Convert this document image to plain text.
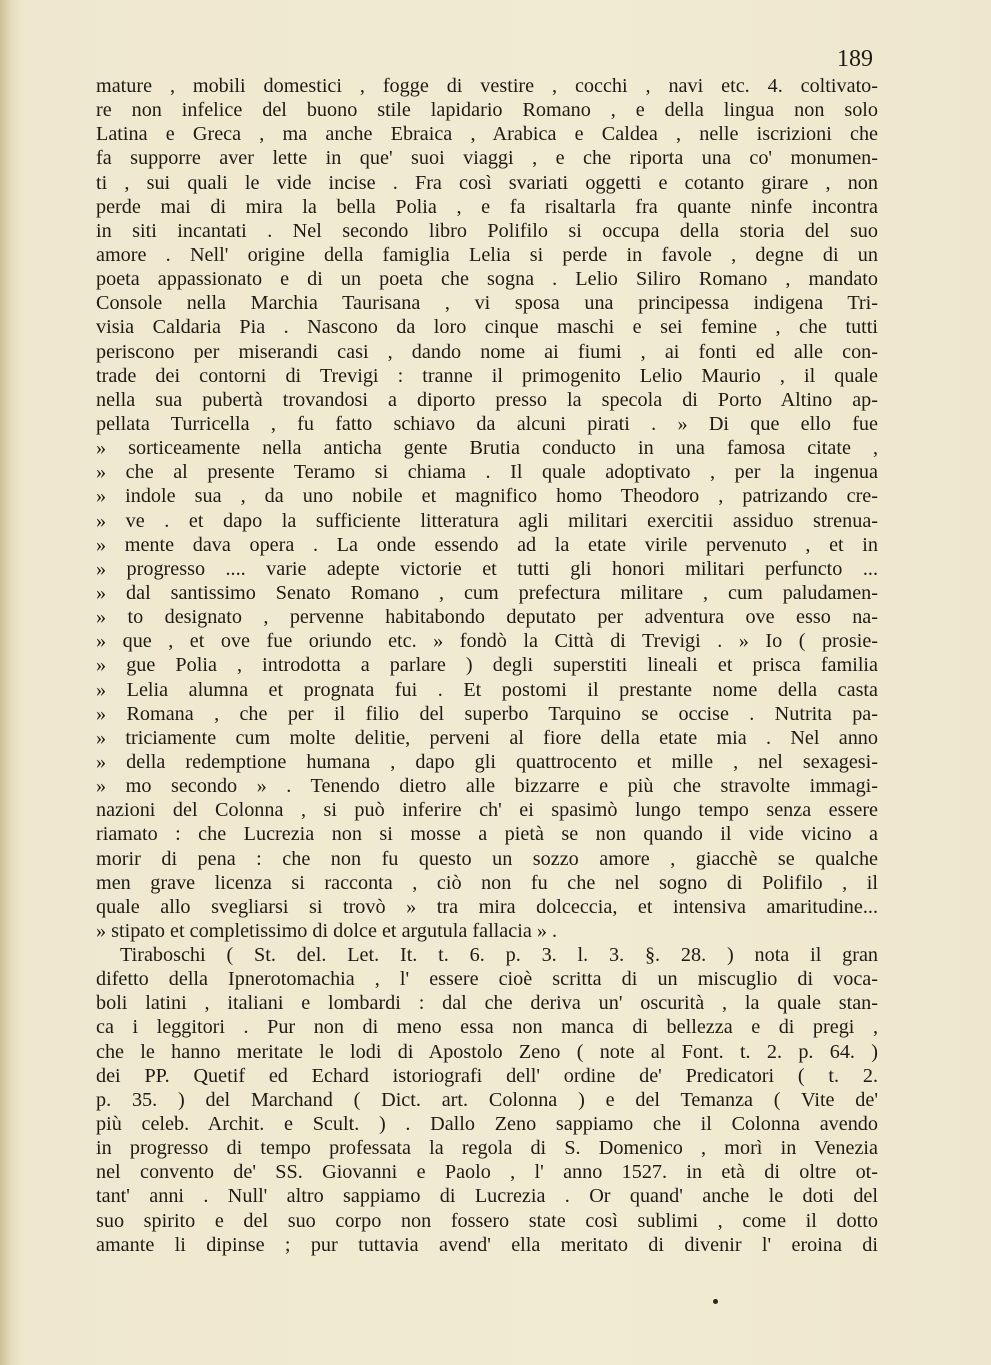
189
mature , mobili domestici , fogge di vestire , cocchi , navi etc. 4. coltivato-
re non infelice del buono stile lapidario Romano , e della lingua non solo
Latina e Greca , ma anche Ebraica , Arabica e Caldea , nelle iscrizioni che
fa supporre aver lette in que' suoi viaggi , e che riporta una co' monumen-
ti , sui quali le vide incise . Fra così svariati oggetti e cotanto girare , non
perde mai di mira la bella Polia , e fa risaltarla fra quante ninfe incontra
in siti incantati . Nel secondo libro Polifilo si occupa della storia del suo
amore . Nell' origine della famiglia Lelia si perde in favole , degne di un
poeta appassionato e di un poeta che sogna . Lelio Siliro Romano , mandato
Console nella Marchia Taurisana , vi sposa una principessa indigena Tri-
visia Caldaria Pia . Nascono da loro cinque maschi e sei femine , che tutti
periscono per miserandi casi , dando nome ai fiumi , ai fonti ed alle con-
trade dei contorni di Trevigi : tranne il primogenito Lelio Maurio , il quale
nella sua pubertà trovandosi a diporto presso la specola di Porto Altino ap-
pellata Turricella , fu fatto schiavo da alcuni pirati . » Di que ello fue
» sorticeamente nella anticha gente Brutia conducto in una famosa citate ,
» che al presente Teramo si chiama . Il quale adoptivato , per la ingenua
» indole sua , da uno nobile et magnifico homo Theodoro , patrizando cre-
» ve . et dapo la sufficiente litteratura agli militari exercitii assiduo strenua-
» mente dava opera . La onde essendo ad la etate virile pervenuto , et in
» progresso .... varie adepte victorie et tutti gli honori militari perfuncto ...
» dal santissimo Senato Romano , cum prefectura militare , cum paludamen-
» to designato , pervenne habitabondo deputato per adventura ove esso na-
» que , et ove fue oriundo etc. » fondò la Città di Trevigi . » Io ( prosie-
» gue Polia , introdotta a parlare ) degli superstiti lineali et prisca familia
» Lelia alumna et prognata fui . Et postomi il prestante nome della casta
» Romana , che per il filio del superbo Tarquino se occise . Nutrita pa-
» triciamente cum molte delitie, perveni al fiore della etate mia . Nel anno
» della redemptione humana , dapo gli quattrocento et mille , nel sexagesi-
» mo secondo » . Tenendo dietro alle bizzarre e più che stravolte immagi-
nazioni del Colonna , si può inferire ch' ei spasimò lungo tempo senza essere
riamato : che Lucrezia non si mosse a pietà se non quando il vide vicino a
morir di pena : che non fu questo un sozzo amore , giacchè se qualche
men grave licenza si racconta , ciò non fu che nel sogno di Polifilo , il
quale allo svegliarsi si trovò » tra mira dolceccia, et intensiva amaritudine...
» stipato et completissimo di dolce et argutula fallacia » .
Tiraboschi ( St. del. Let. It. t. 6. p. 3. l. 3. §. 28. ) nota il gran
difetto della Ipnerotomachia , l' essere cioè scritta di un miscuglio di voca-
boli latini , italiani e lombardi : dal che deriva un' oscurità , la quale stan-
ca i leggitori . Pur non di meno essa non manca di bellezza e di pregi ,
che le hanno meritate le lodi di Apostolo Zeno ( note al Font. t. 2. p. 64. )
dei PP. Quetif ed Echard istoriografi dell' ordine de' Predicatori ( t. 2.
p. 35. ) del Marchand ( Dict. art. Colonna ) e del Temanza ( Vite de'
più celeb. Archit. e Scult. ) . Dallo Zeno sappiamo che il Colonna avendo
in progresso di tempo professata la regola di S. Domenico , morì in Venezia
nel convento de' SS. Giovanni e Paolo , l' anno 1527. in età di oltre ot-
tant' anni . Null' altro sappiamo di Lucrezia . Or quand' anche le doti del
suo spirito e del suo corpo non fossero state così sublimi , come il dotto
amante li dipinse ; pur tuttavia avend' ella meritato di divenir l' eroina di
